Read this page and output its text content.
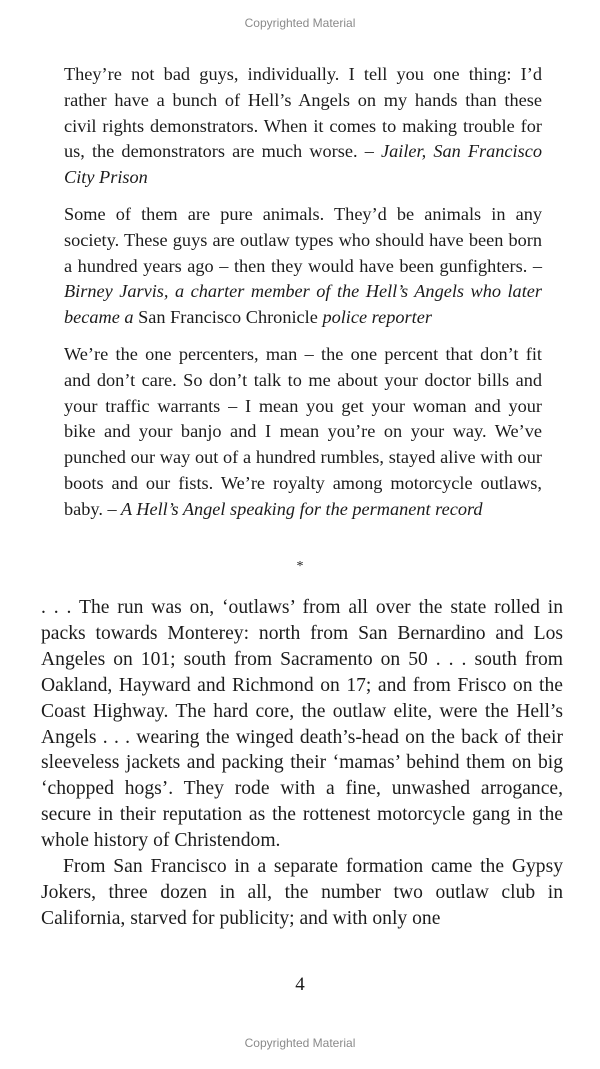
Copyrighted Material

They’re not bad guys, individually. I tell you one thing: I’d rather have a bunch of Hell’s Angels on my hands than these civil rights demonstrators. When it comes to making trouble for us, the demonstrators are much worse. – Jailer, San Francisco City Prison

Some of them are pure animals. They’d be animals in any society. These guys are outlaw types who should have been born a hundred years ago – then they would have been gunfighters. – Birney Jarvis, a charter member of the Hell’s Angels who later became a San Francisco Chronicle police reporter

We’re the one percenters, man – the one percent that don’t fit and don’t care. So don’t talk to me about your doctor bills and your traffic warrants – I mean you get your woman and your bike and your banjo and I mean you’re on your way. We’ve punched our way out of a hundred rumbles, stayed alive with our boots and our fists. We’re royalty among motorcycle outlaws, baby. – A Hell’s Angel speaking for the permanent record

*

. . . The run was on, ‘outlaws’ from all over the state rolled in packs towards Monterey: north from San Bernardino and Los Angeles on 101; south from Sacramento on 50 . . . south from Oakland, Hayward and Richmond on 17; and from Frisco on the Coast Highway. The hard core, the outlaw elite, were the Hell’s Angels . . . wearing the winged death’s-head on the back of their sleeveless jackets and packing their ‘mamas’ behind them on big ‘chopped hogs’. They rode with a fine, unwashed arrogance, secure in their reputation as the rottenest motorcycle gang in the whole history of Christendom.

From San Francisco in a separate formation came the Gypsy Jokers, three dozen in all, the number two outlaw club in California, starved for publicity; and with only one

4
Copyrighted Material
